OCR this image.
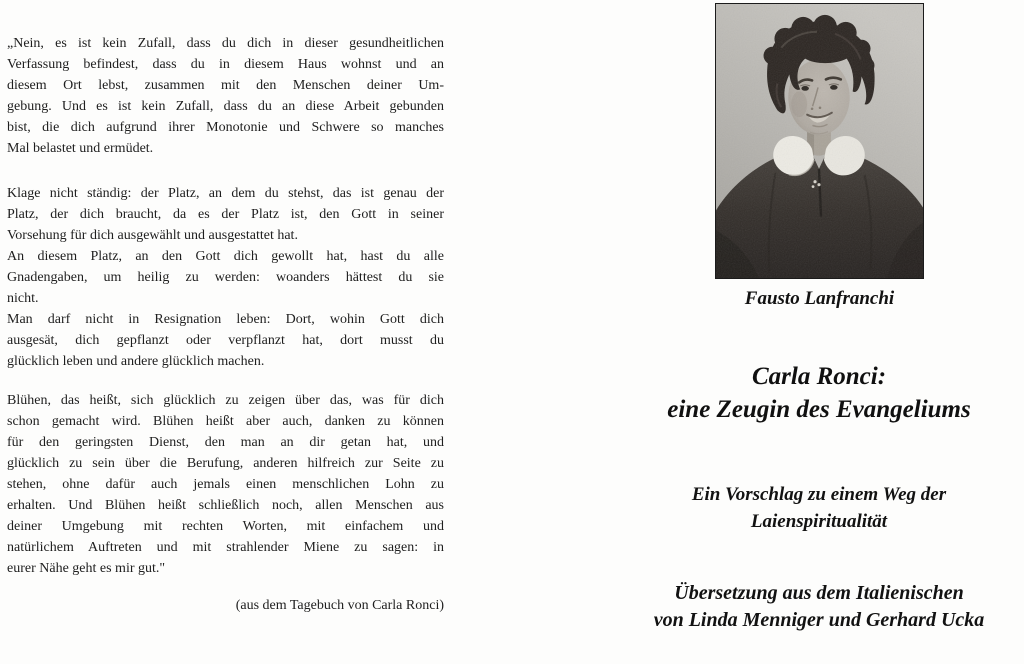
„Nein, es ist kein Zufall, dass du dich in dieser gesundheitlichen
Verfassung befindest, dass du in diesem Haus wohnst und an
diesem Ort lebst, zusammen mit den Menschen deiner Um-
gebung. Und es ist kein Zufall, dass du an diese Arbeit gebunden
bist, die dich aufgrund ihrer Monotonie und Schwere so manches
Mal belastet und ermüdet.
Klage nicht ständig: der Platz, an dem du stehst, das ist genau der
Platz, der dich braucht, da es der Platz ist, den Gott in seiner
Vorsehung für dich ausgewählt und ausgestattet hat.
An diesem Platz, an den Gott dich gewollt hat, hast du alle
Gnadengaben, um heilig zu werden: woanders hättest du sie
nicht.
Man darf nicht in Resignation leben: Dort, wohin Gott dich
ausgesät, dich gepflanzt oder verpflanzt hat, dort musst du
glücklich leben und andere glücklich machen.
Blühen, das heißt, sich glücklich zu zeigen über das, was für dich
schon gemacht wird. Blühen heißt aber auch, danken zu können
für den geringsten Dienst, den man an dir getan hat, und
glücklich zu sein über die Berufung, anderen hilfreich zur Seite zu
stehen, ohne dafür auch jemals einen menschlichen Lohn zu
erhalten. Und Blühen heißt schließlich noch, allen Menschen aus
deiner Umgebung mit rechten Worten, mit einfachem und
natürlichem Auftreten und mit strahlender Miene zu sagen: in
eurer Nähe geht es mir gut."
(aus dem Tagebuch von Carla Ronci)
Fausto Lanfranchi
Carla Ronci:
eine Zeugin des Evangeliums
Ein Vorschlag zu einem Weg der
Laienspiritualität
Übersetzung aus dem Italienischen
von Linda Menniger und Gerhard Ucka
